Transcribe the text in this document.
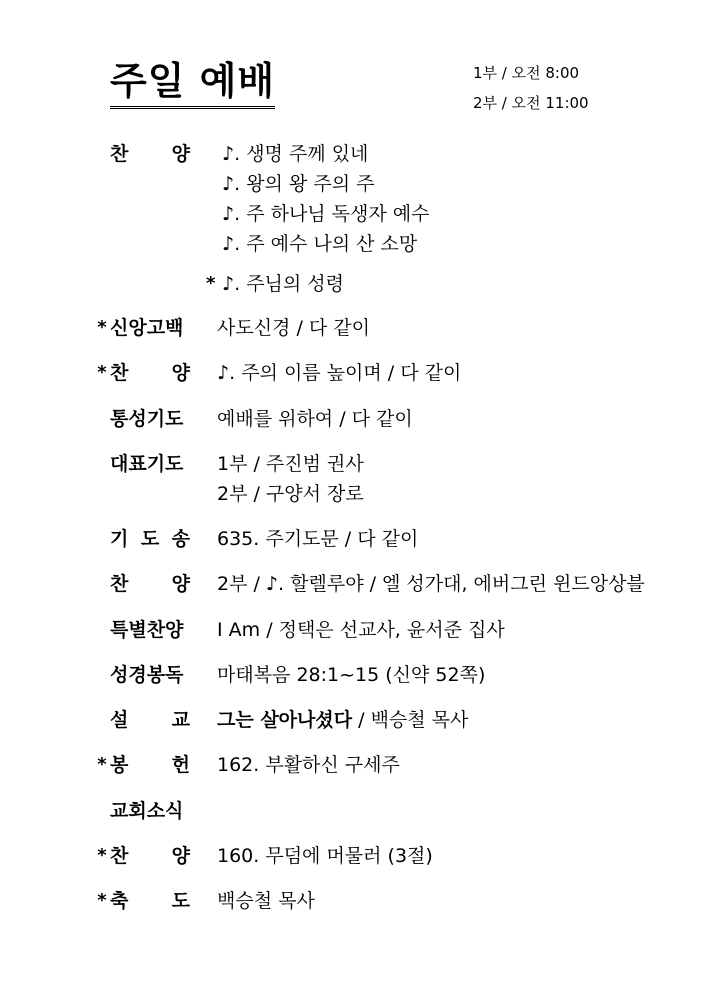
주일 예배	1부 / 오전 8:00
2부 / 오전 11:00
찬 양 ♪. 생명 주께 있네
♪. 왕의 왕 주의 주
♪. 주 하나님 독생자 예수
♪. 주 예수 나의 산 소망
* ♪. 주님의 성령
* 신앙고백 사도신경 / 다 같이
* 찬 양 ♪. 주의 이름 높이며 / 다 같이
통성기도 예배를 위하여 / 다 같이
대표기도 1부 / 주진범 권사
2부 / 구양서 장로
기 도 송 635. 주기도문 / 다 같이
찬 양 2부 / ♪. 할렐루야 / 엘 성가대, 에버그린 윈드앙상블
특별찬양 I Am / 정택은 선교사, 윤서준 집사
성경봉독 마태복음 28:1~15 (신약 52쪽)
설 교 그는 살아나셨다 / 백승철 목사
* 봉 헌 162. 부활하신 구세주
교회소식
* 찬 양 160. 무덤에 머물러 (3절)
* 축 도 백승철 목사
